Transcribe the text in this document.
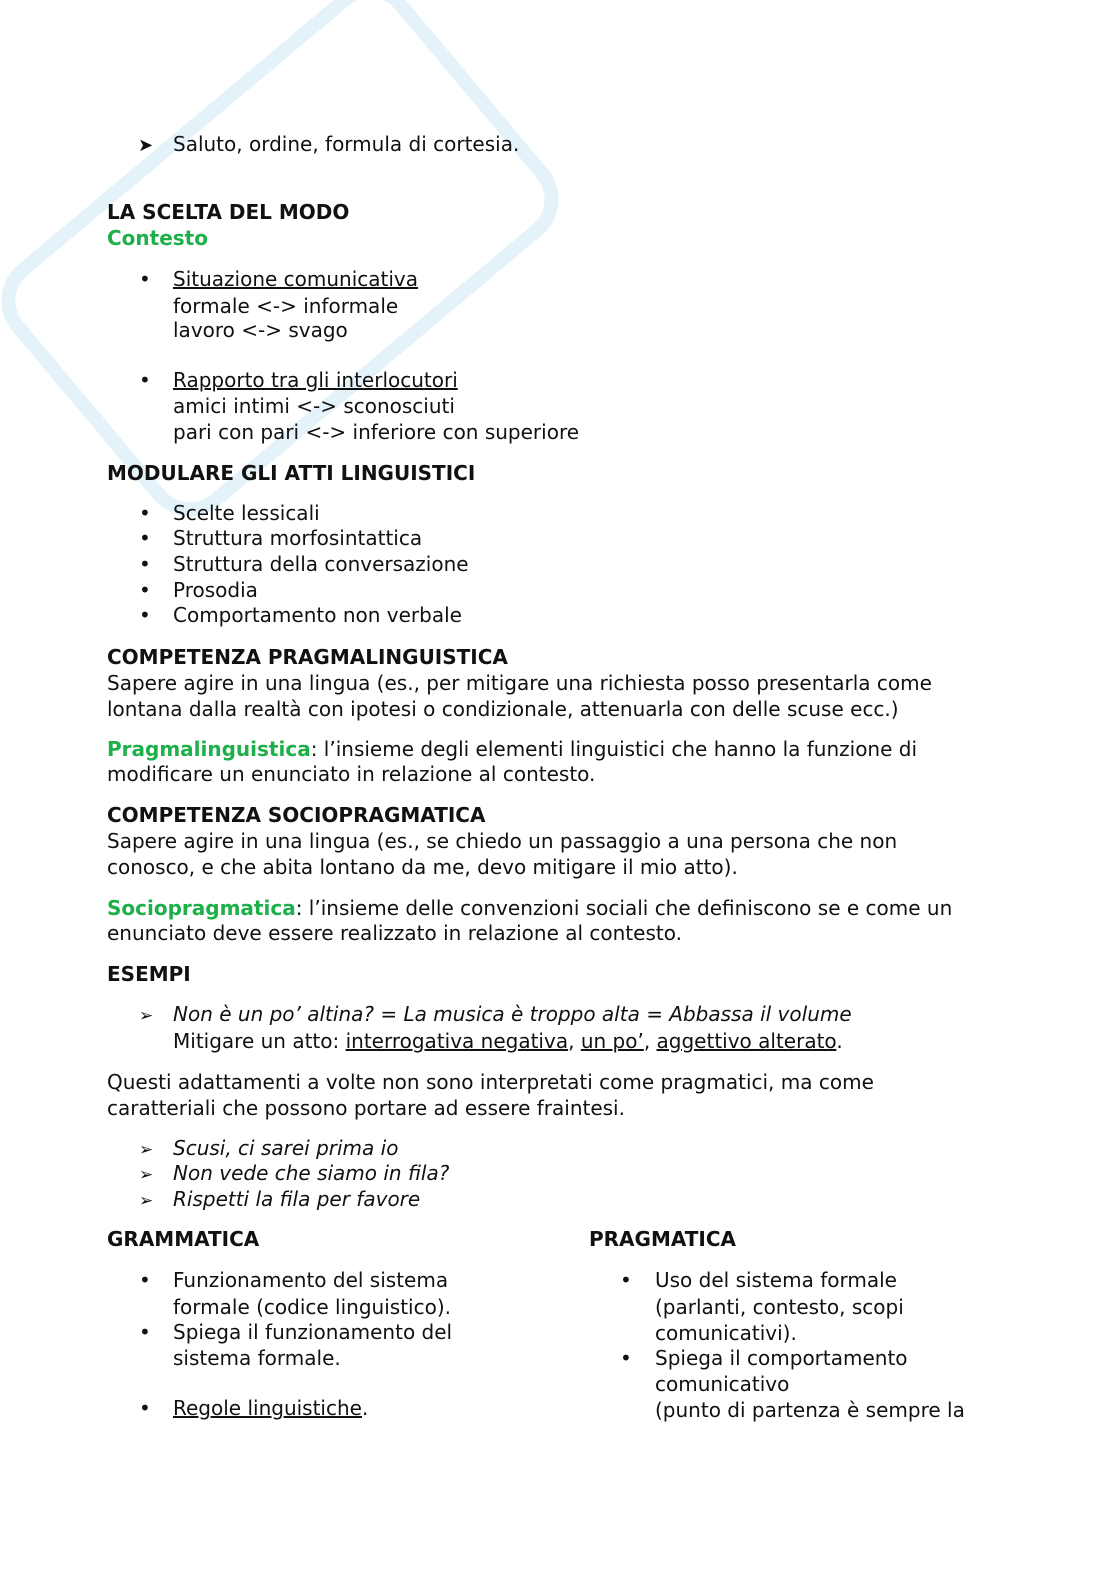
➤ Saluto, ordine, formula di cortesia.

LA SCELTA DEL MODO

Contesto

• Situazione comunicativa

formale <-> informale

lavoro <-> svago

• Rapporto tra gli interlocutori

amici intimi <-> sconosciuti

pari con pari <-> inferiore con superiore

MODULARE GLI ATTI LINGUISTICI

• Scelte lessicali

• Struttura morfosintattica

• Struttura della conversazione

• Prosodia

• Comportamento non verbale

COMPETENZA PRAGMALINGUISTICA

Sapere agire in una lingua (es., per mitigare una richiesta posso presentarla come

lontana dalla realtà con ipotesi o condizionale, attenuarla con delle scuse ecc.)

Pragmalinguistica: l’insieme degli elementi linguistici che hanno la funzione di

modificare un enunciato in relazione al contesto.

COMPETENZA SOCIOPRAGMATICA

Sapere agire in una lingua (es., se chiedo un passaggio a una persona che non

conosco, e che abita lontano da me, devo mitigare il mio atto).

Sociopragmatica: l’insieme delle convenzioni sociali che definiscono se e come un

enunciato deve essere realizzato in relazione al contesto.

ESEMPI

➢ Non è un po’ altina? = La musica è troppo alta = Abbassa il volume

Mitigare un atto: interrogativa negativa, un po’, aggettivo alterato.

Questi adattamenti a volte non sono interpretati come pragmatici, ma come

caratteriali che possono portare ad essere fraintesi.

➢ Scusi, ci sarei prima io

➢ Non vede che siamo in fila?

➢ Rispetti la fila per favore

GRAMMATICA

• Funzionamento del sistema

formale (codice linguistico).

• Spiega il funzionamento del

sistema formale.

• Regole linguistiche.

PRAGMATICA

• Uso del sistema formale

(parlanti, contesto, scopi

comunicativi).

• Spiega il comportamento

comunicativo

(punto di partenza è sempre la
